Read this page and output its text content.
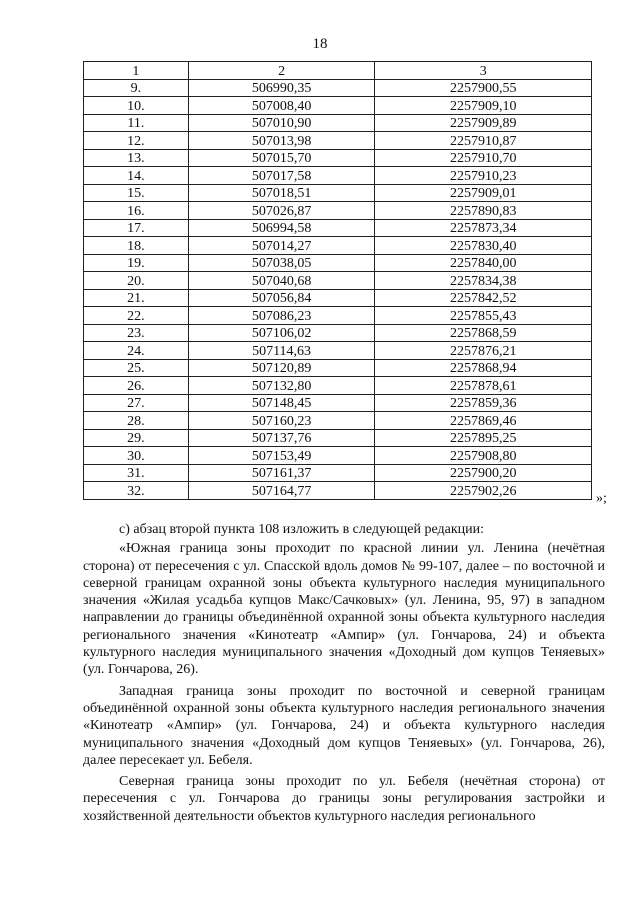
18
1	2	3
9.	506990,35	2257900,55
10.	507008,40	2257909,10
11.	507010,90	2257909,89
12.	507013,98	2257910,87
13.	507015,70	2257910,70
14.	507017,58	2257910,23
15.	507018,51	2257909,01
16.	507026,87	2257890,83
17.	506994,58	2257873,34
18.	507014,27	2257830,40
19.	507038,05	2257840,00
20.	507040,68	2257834,38
21.	507056,84	2257842,52
22.	507086,23	2257855,43
23.	507106,02	2257868,59
24.	507114,63	2257876,21
25.	507120,89	2257868,94
26.	507132,80	2257878,61
27.	507148,45	2257859,36
28.	507160,23	2257869,46
29.	507137,76	2257895,25
30.	507153,49	2257908,80
31.	507161,37	2257900,20
32.	507164,77	2257902,26	»;

с) абзац второй пункта 108 изложить в следующей редакции:

«Южная граница зоны проходит по красной линии ул. Ленина (нечётная сторона) от пересечения с ул. Спасской вдоль домов № 99-107, далее – по восточной и северной границам охранной зоны объекта культурного наследия муниципального значения «Жилая усадьба купцов Макс/Сачковых» (ул. Ленина, 95, 97) в западном направлении до границы объединённой охранной зоны объекта культурного наследия регионального значения «Кинотеатр «Ампир» (ул. Гончарова, 24) и объекта культурного наследия муниципального значения «Доходный дом купцов Теняевых» (ул. Гончарова, 26).

Западная граница зоны проходит по восточной и северной границам объединённой охранной зоны объекта культурного наследия регионального значения «Кинотеатр «Ампир» (ул. Гончарова, 24) и объекта культурного наследия муниципального значения «Доходный дом купцов Теняевых» (ул. Гончарова, 26), далее пересекает ул. Бебеля.

Северная граница зоны проходит по ул. Бебеля (нечётная сторона) от пересечения с ул. Гончарова до границы зоны регулирования застройки и хозяйственной деятельности объектов культурного наследия регионального
